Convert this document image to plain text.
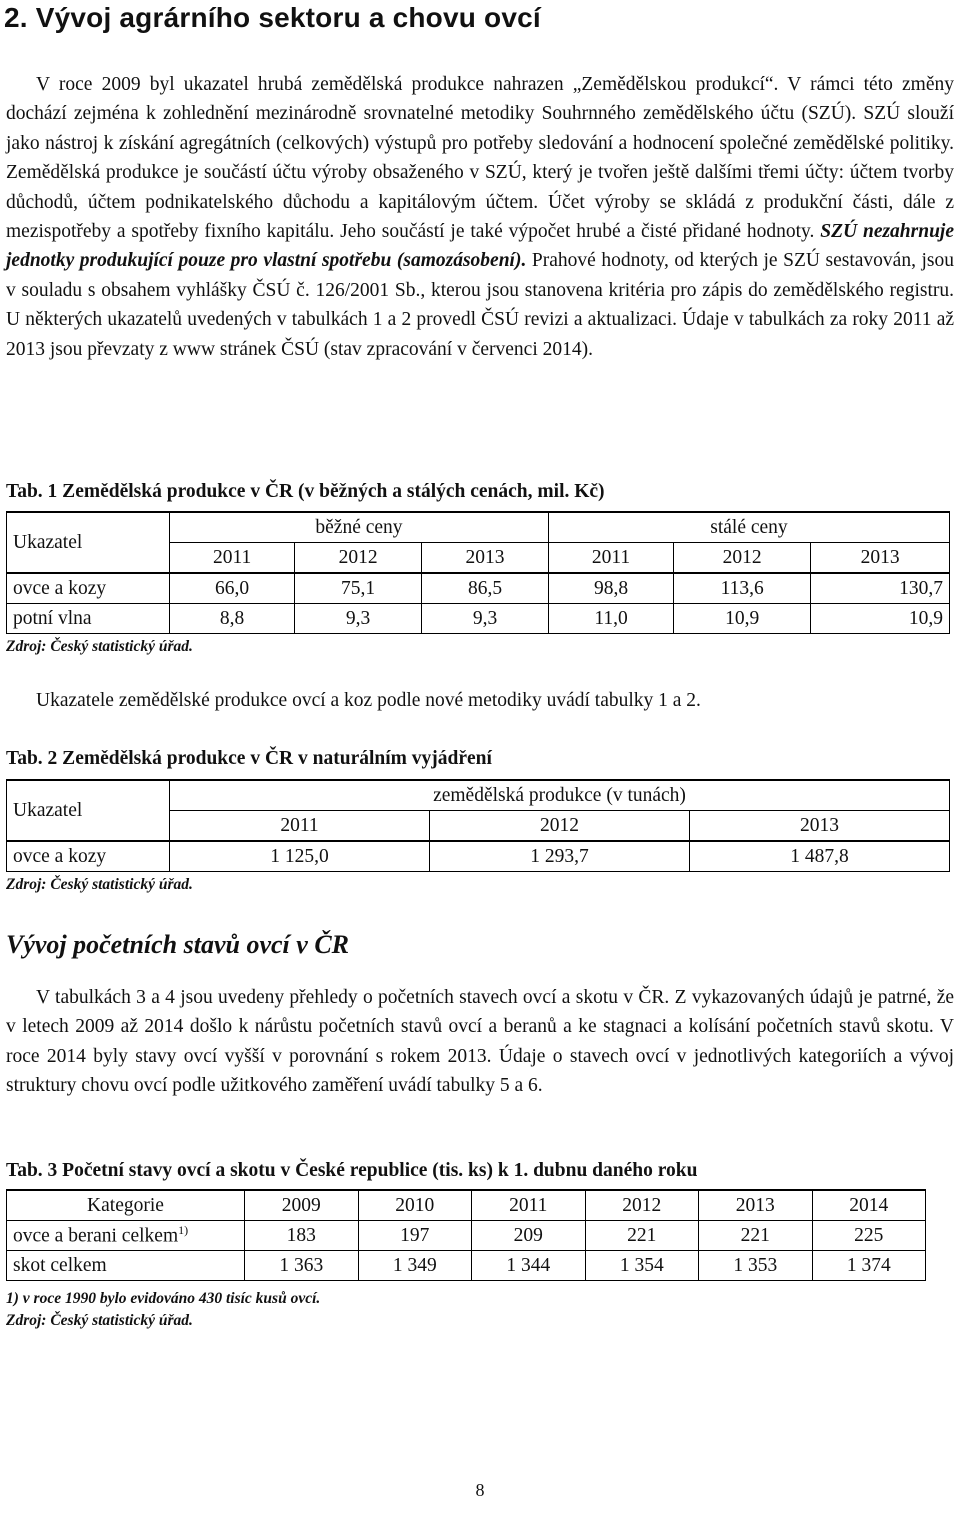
2. Vývoj agrárního sektoru a chovu ovcí

V roce 2009 byl ukazatel hrubá zemědělská produkce nahrazen „Zemědělskou produkcí“. V rámci této změny dochází zejména k zohlednění mezinárodně srovnatelné metodiky Souhrnného zemědělského účtu (SZÚ). SZÚ slouží jako nástroj k získání agregátních (celkových) výstupů pro potřeby sledování a hodnocení společné zemědělské politiky. Zemědělská produkce je součástí účtu výroby obsaženého v SZÚ, který je tvořen ještě dalšími třemi účty: účtem tvorby důchodů, účtem podnikatelského důchodu a kapitálovým účtem. Účet výroby se skládá z produkční části, dále z mezispotřeby a spotřeby fixního kapitálu. Jeho součástí je také výpočet hrubé a čisté přidané hodnoty. SZÚ nezahrnuje jednotky produkující pouze pro vlastní spotřebu (samozásobení). Prahové hodnoty, od kterých je SZÚ sestavován, jsou v souladu s obsahem vyhlášky ČSÚ č. 126/2001 Sb., kterou jsou stanovena kritéria pro zápis do zemědělského registru. U některých ukazatelů uvedených v tabulkách 1 a 2 provedl ČSÚ revizi a aktualizaci. Údaje v tabulkách za roky 2011 až 2013 jsou převzaty z www stránek ČSÚ (stav zpracování v červenci 2014).

Tab. 1 Zemědělská produkce v ČR (v běžných a stálých cenách, mil. Kč)
Ukazatel	běžné ceny			stálé ceny		
	2011	2012	2013	2011	2012	2013
ovce a kozy	66,0	75,1	86,5	98,8	113,6	130,7
potní vlna	8,8	9,3	9,3	11,0	10,9	10,9
Zdroj: Český statistický úřad.

Ukazatele zemědělské produkce ovcí a koz podle nové metodiky uvádí tabulky 1 a 2.

Tab. 2 Zemědělská produkce v ČR v naturálním vyjádření
Ukazatel	zemědělská produkce (v tunách)		
	2011	2012	2013
ovce a kozy	1 125,0	1 293,7	1 487,8
Zdroj: Český statistický úřad.
Vývoj početních stavů ovcí v ČR

V tabulkách 3 a 4 jsou uvedeny přehledy o početních stavech ovcí a skotu v ČR. Z vykazovaných údajů je patrné, že v letech 2009 až 2014 došlo k nárůstu početních stavů ovcí a beranů a ke stagnaci a kolísání početních stavů skotu. V roce 2014 byly stavy ovcí vyšší v porovnání s rokem 2013. Údaje o stavech ovcí v jednotlivých kategoriích a vývoj struktury chovu ovcí podle užitkového zaměření uvádí tabulky 5 a 6.

Tab. 3 Početní stavy ovcí a skotu v České republice (tis. ks) k 1. dubnu daného roku
Kategorie	2009	2010	2011	2012	2013	2014
ovce a berani celkem$^{1)}$	183	197	209	221	221	225
skot celkem	1 363	1 349	1 344	1 354	1 353	1 374
1) v roce 1990 bylo evidováno 430 tisíc kusů ovcí.
Zdroj: Český statistický úřad.
8
